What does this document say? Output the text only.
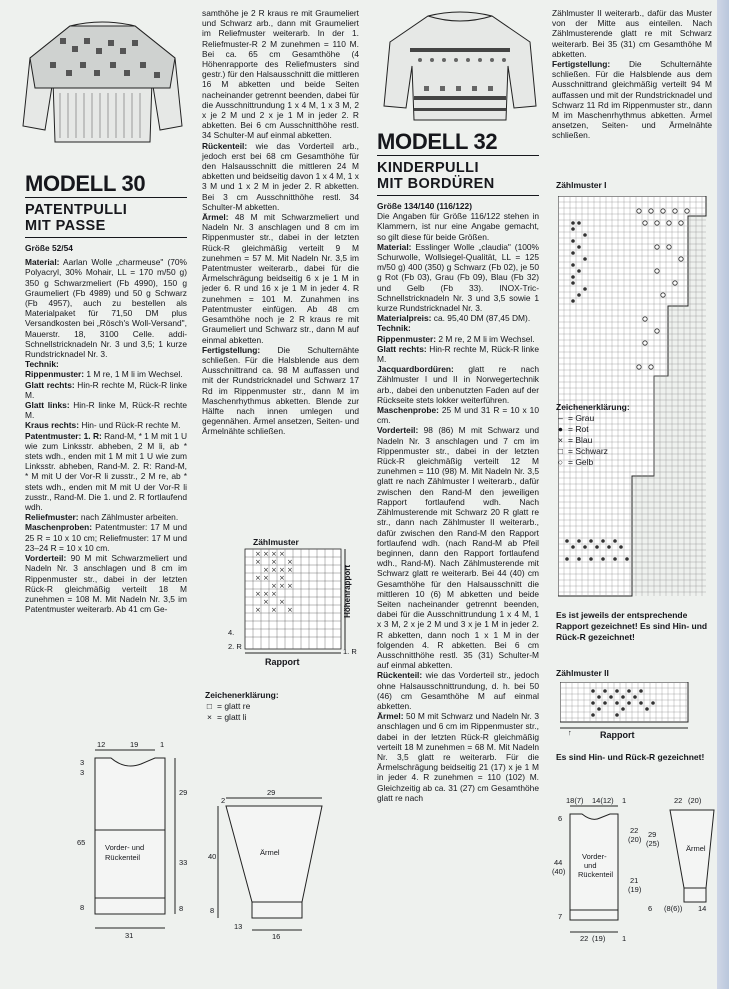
MODELL 30
PATENTPULLI
MIT PASSE

Größe 52/54

Material: Aarlan Wolle „charmeuse" (70% Polyacryl, 30% Mohair, LL = 170 m/50 g) 350 g Schwarzmeliert (Fb 4990), 150 g Graumeliert (Fb 4989) und 50 g Schwarz (Fb 4957), auch zu bestellen als Materialpaket für 71,50 DM plus Versandkosten bei „Rösch's Woll-Versand", Mauerstr. 18, 3100 Celle. addi-Schnellstricknadeln Nr. 3 und 3,5; 1 kurze Rundstricknadel Nr. 3.

Technik:

Rippenmuster: 1 M re, 1 M li im Wechsel.

Glatt rechts: Hin-R rechte M, Rück-R linke M.

Glatt links: Hin-R linke M, Rück-R rechte M.

Kraus rechts: Hin- und Rück-R rechte M.

Patentmuster: 1. R: Rand-M, * 1 M mit 1 U wie zum Linksstr. abheben, 2 M li, ab * stets wdh., enden mit 1 M mit 1 U wie zum Linksstr. abheben, Rand-M. 2. R: Rand-M, * M mit U der Vor-R li zusstr., 2 M re, ab * stets wdh., enden mit M mit U der Vor-R li zusstr., Rand-M. Die 1. und 2. R fortlaufend wdh.

Reliefmuster: nach Zählmuster arbeiten.

Maschenproben: Patentmuster: 17 M und 25 R = 10 x 10 cm; Reliefmuster: 17 M und 23–24 R = 10 x 10 cm.

Vorderteil: 90 M mit Schwarzmeliert und Nadeln Nr. 3 anschlagen und 8 cm im Rippenmuster str., dabei in der letzten Rück-R gleichmäßig verteilt 18 M zunehmen = 108 M. Mit Nadeln Nr. 3,5 im Patentmuster weiterarb. Ab 41 cm Ge-

Vorder- und
Rückenteil
12	19	1
3
3
65
8
29
33
8
31

samthöhe je 2 R kraus re mit Graumeliert und Schwarz arb., dann mit Graumeliert im Reliefmuster weiterarb. In der 1. Reliefmuster-R 2 M zunehmen = 110 M. Bei ca. 65 cm Gesamthöhe (4 Höhenrapporte des Reliefmusters sind gestr.) für den Halsausschnitt die mittleren 16 M abketten und beide Seiten nacheinander getrennt beenden, dabei für die Ausschnittrundung 1 x 4 M, 1 x 3 M, 2 x je 2 M und 2 x je 1 M in jeder 2. R abketten. Bei 6 cm Ausschnitthöhe restl. 34 Schulter-M auf einmal abketten.

Rückenteil: wie das Vorderteil arb., jedoch erst bei 68 cm Gesamthöhe für den Halsausschnitt die mittleren 24 M abketten und beidseitig davon 1 x 4 M, 1 x 3 M und 1 x 2 M in jeder 2. R abketten. Bei 3 cm Ausschnitthöhe restl. 34 Schulter-M abketten.

Ärmel: 48 M mit Schwarzmeliert und Nadeln Nr. 3 anschlagen und 8 cm im Rippenmuster str., dabei in der letzten Rück-R gleichmäßig verteilt 9 M zunehmen = 57 M. Mit Nadeln Nr. 3,5 im Patentmuster weiterarb., dabei für die Ärmelschrägung beidseitig 6 x je 1 M in jeder 6. R und 16 x je 1 M in jeder 4. R zunehmen = 101 M. Zunahmen ins Patentmuster einfügen. Ab 48 cm Gesamthöhe noch je 2 R kraus re mit Graumeliert und Schwarz str., dann M auf einmal abketten.

Fertigstellung: Die Schulternähte schließen. Für die Halsblende aus dem Ausschnittrand ca. 98 M auffassen und mit der Rundstricknadel und Schwarz 17 Rd im Rippenmuster str., dann M im Maschenrhythmus abketten. Blende zur Hälfte nach innen umlegen und gegennähen. Ärmel ansetzen, Seiten- und Ärmelnähte schließen.

Zählmuster
× × × ×
× × ×
× × × ×
× × ×
× × ×
× × ×
× ×
× × ×	Höhenrapport
Rapport
4.
2. R
1. R
Zeichenerklärung:
□ = glatt re
× = glatt li
Ärmel
29
2
40
8
13
16
MODELL 32
KINDERPULLI
MIT BORDÜREN

Größe 134/140 (116/122)

Die Angaben für Größe 116/122 stehen in Klammern, ist nur eine Angabe gemacht, so gilt diese für beide Größen.

Material: Esslinger Wolle „claudia" (100% Schurwolle, Wollsiegel-Qualität, LL = 125 m/50 g) 400 (350) g Schwarz (Fb 02), je 50 g Rot (Fb 03), Grau (Fb 09), Blau (Fb 32) und Gelb (Fb 33). INOX-Tric-Schnellstricknadeln Nr. 3 und 3,5 sowie 1 kurze Rundstricknadel Nr. 3.

Materialpreis: ca. 95,40 DM (87,45 DM).

Technik:

Rippenmuster: 2 M re, 2 M li im Wechsel.

Glatt rechts: Hin-R rechte M, Rück-R linke M.

Jacquardbordüren: glatt re nach Zählmuster I und II in Norwegertechnik arb., dabei den unbenutzten Faden auf der Rückseite stets lokker weiterführen.

Maschenprobe: 25 M und 31 R = 10 x 10 cm.

Vorderteil: 98 (86) M mit Schwarz und Nadeln Nr. 3 anschlagen und 7 cm im Rippenmuster str., dabei in der letzten Rück-R gleichmäßig verteilt 12 M zunehmen = 110 (98) M. Mit Nadeln Nr. 3,5 glatt re nach Zählmuster I weiterarb., dafür zwischen den Rand-M den jeweiligen Rapport fortlaufend wdh. Nach Zählmusterende mit Schwarz 20 R glatt re str., dann nach Zählmuster II weiterarb., dafür zwischen den Rand-M den Rapport fortlaufend wdh. (nach Rand-M ab Pfeil beginnen, dann den Rapport fortlaufend wdh., Rand-M). Nach Zählmusterende mit Schwarz glatt re weiterarb. Bei 44 (40) cm Gesamthöhe für den Halsausschnitt die mittleren 10 (6) M abketten und beide Seiten nacheinander getrennt beenden, dabei für die Ausschnittrundung 1 x 4 M, 1 x 3 M, 2 x je 2 M und 3 x je 1 M in jeder 2. R abketten, dann noch 1 x 1 M in der folgenden 4. R abketten. Bei 6 cm Ausschnitthöhe restl. 35 (31) Schulter-M auf einmal abketten.

Rückenteil: wie das Vorderteil str., jedoch ohne Halsausschnittrundung, d. h. bei 50 (46) cm Gesamthöhe M auf einmal abketten.

Ärmel: 50 M mit Schwarz und Nadeln Nr. 3 anschlagen und 6 cm im Rippenmuster str., dabei in der letzten Rück-R gleichmäßig verteilt 18 M zunehmen = 68 M. Mit Nadeln Nr. 3,5 glatt re weiterarb. Für die Ärmelschrägung beidseitig 21 (17) x je 1 M in jeder 4. R zunehmen = 110 (102) M. Gleichzeitig ab ca. 31 (27) cm Gesamthöhe glatt re nach

Zählmuster II weiterarb., dafür das Muster von der Mitte aus einteilen. Nach Zählmusterende glatt re mit Schwarz weiterarb. Bei 35 (31) cm Gesamthöhe M abketten.

Fertigstellung: Die Schulternähte schließen. Für die Halsblende aus dem Ausschnittrand gleichmäßig verteilt 94 M auffassen und mit der Rundstricknadel und Schwarz 11 Rd im Rippenmuster str., dann M im Maschenrhythmus abketten. Ärmel ansetzen, Seiten- und Ärmelnähte schließen.

Zählmuster I
Zeichenerklärung:
– = Grau
● = Rot
× = Blau
□ = Schwarz
○ = Gelb
Es ist jeweils der entsprechende Rapport gezeichnet! Es sind Hin- und Rück-R gezeichnet!
Zählmuster II
↑	Rapport
Es sind Hin- und Rück-R gezeichnet!
Vorder-
und
Rückenteil
18(7) 14(12) 1
6
44
(40)
7
22
(20)
29
(25)
21
(19)
6
22 (19) 1
Ärmel
22 (20)
(8(6)) 14
